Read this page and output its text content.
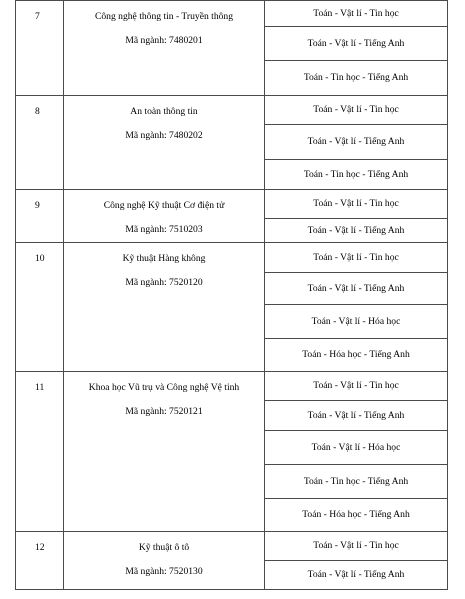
7	Công nghệ thông tin - Truyền thông
Mã ngành: 7480201	Toán - Vật lí - Tin học
		Toán - Vật lí - Tiếng Anh
		Toán - Tin học - Tiếng Anh

8	An toàn thông tin
Mã ngành: 7480202	Toán - Vật lí - Tin học
		Toán - Vật lí - Tiếng Anh
		Toán - Tin học - Tiếng Anh

9	Công nghệ Kỹ thuật Cơ điện tử
Mã ngành: 7510203	Toán - Vật lí - Tin học
		Toán - Vật lí - Tiếng Anh

10	Kỹ thuật Hàng không
Mã ngành: 7520120	Toán - Vật lí - Tin học
		Toán - Vật lí - Tiếng Anh
		Toán - Vật lí - Hóa học
		Toán - Hóa học - Tiếng Anh

11	Khoa học Vũ trụ và Công nghệ Vệ tinh
Mã ngành: 7520121	Toán - Vật lí - Tin học
		Toán - Vật lí - Tiếng Anh
		Toán - Vật lí - Hóa học
		Toán - Tin học - Tiếng Anh
		Toán - Hóa học - Tiếng Anh

12	Kỹ thuật ô tô
Mã ngành: 7520130	Toán - Vật lí - Tin học
		Toán - Vật lí - Tiếng Anh
